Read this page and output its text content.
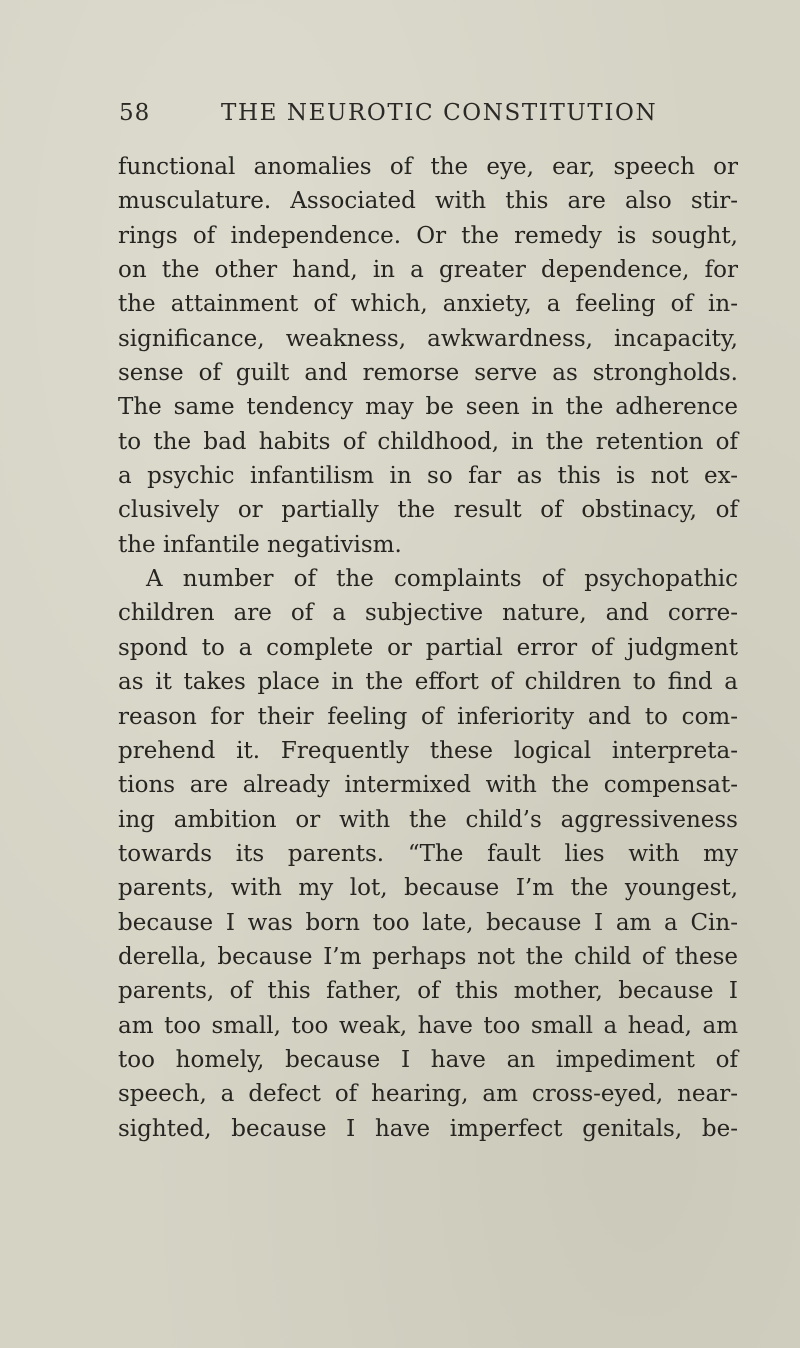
58	THE NEUROTIC CONSTITUTION
functional anomalies of the eye, ear, speech or
musculature. Associated with this are also stir-
rings of independence. Or the remedy is sought,
on the other hand, in a greater dependence, for
the attainment of which, anxiety, a feeling of in-
significance, weakness, awkwardness, incapacity,
sense of guilt and remorse serve as strongholds.
The same tendency may be seen in the adherence
to the bad habits of childhood, in the retention of
a psychic infantilism in so far as this is not ex-
clusively or partially the result of obstinacy, of
the infantile negativism.
A number of the complaints of psychopathic
children are of a subjective nature, and corre-
spond to a complete or partial error of judgment
as it takes place in the effort of children to find a
reason for their feeling of inferiority and to com-
prehend it. Frequently these logical interpreta-
tions are already intermixed with the compensat-
ing ambition or with the child’s aggressiveness
towards its parents. “The fault lies with my
parents, with my lot, because I’m the youngest,
because I was born too late, because I am a Cin-
derella, because I’m perhaps not the child of these
parents, of this father, of this mother, because I
am too small, too weak, have too small a head, am
too homely, because I have an impediment of
speech, a defect of hearing, am cross-eyed, near-
sighted, because I have imperfect genitals, be-
